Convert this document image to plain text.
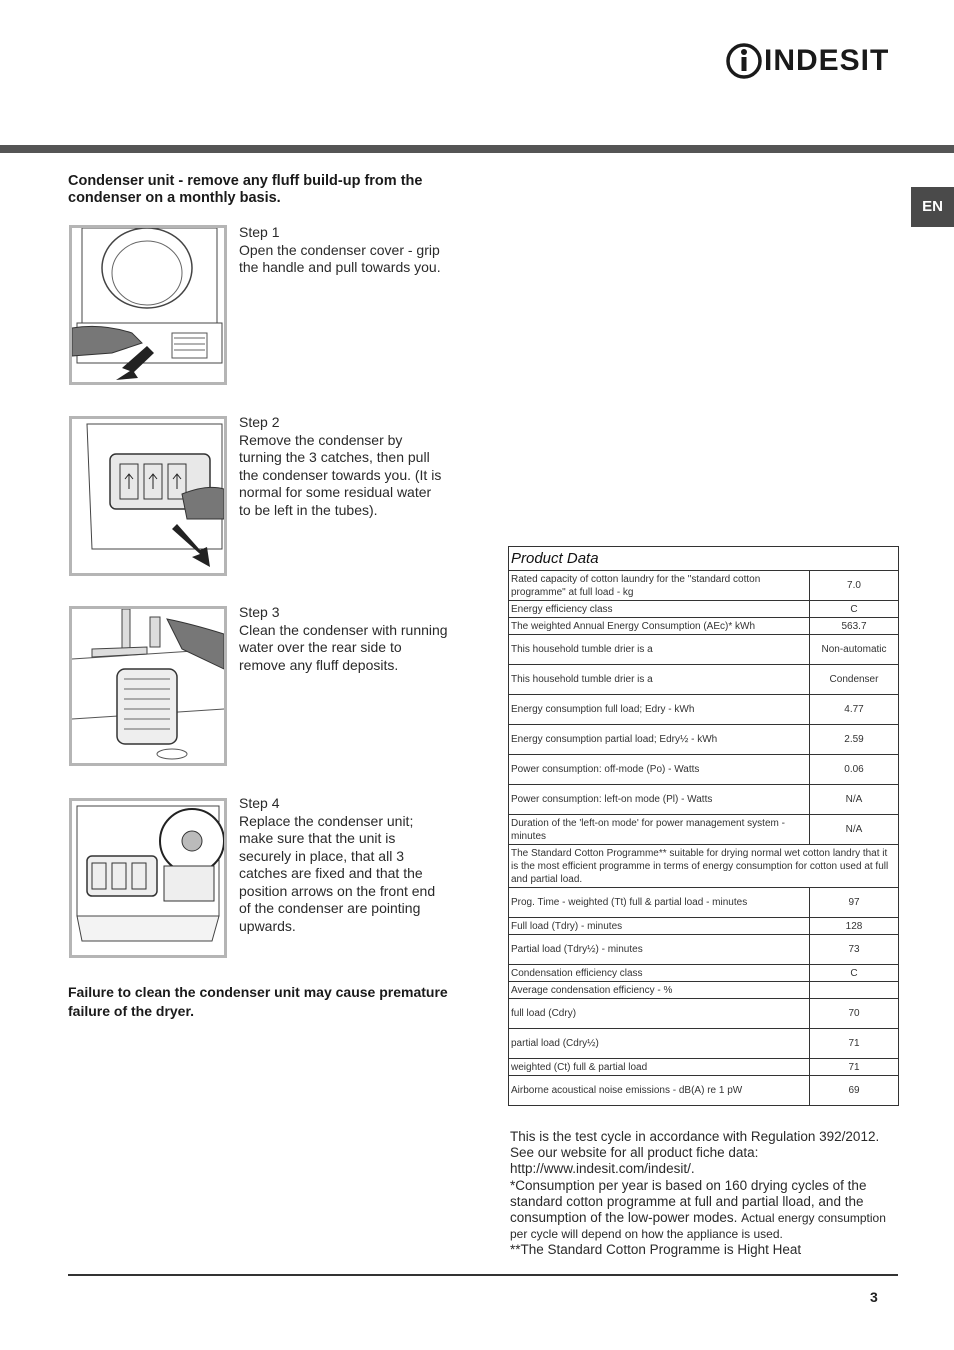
INDESIT
EN
Condenser unit - remove any fluff build-up from the condenser on a monthly basis.
Step 1
Open the condenser cover - grip the handle and pull towards you.
Step 2
Remove the condenser by turning the 3 catches, then pull the condenser towards you. (It is normal for some residual water to be left in the tubes).
Step 3
Clean the condenser with running water over the rear side to remove any fluff deposits.
Step 4
Replace the condenser unit; make sure that the unit is securely in place, that all 3 catches are fixed and that the position arrows on the front end of the condenser are pointing upwards.
Failure to clean the condenser unit may cause premature failure of the dryer.
Product Data	
Rated capacity of cotton laundry for the "standard cotton programme" at full load - kg	7.0
Energy efficiency class	C
The weighted Annual Energy Consumption (AEc)* kWh	563.7
This household tumble drier is a	Non-automatic
This household tumble drier is a	Condenser
Energy consumption full load; Edry - kWh	4.77
Energy consumption partial load; Edry½ - kWh	2.59
Power consumption: off-mode (Po) - Watts	0.06
Power consumption: left-on mode (Pl) - Watts	N/A
Duration of the 'left-on mode' for power management system - minutes	N/A
The Standard Cotton Programme** suitable for drying normal wet cotton landry that it is the most efficient programme in terms of energy consumption for cotton used at full and partial load.	
Prog. Time - weighted (Tt) full & partial load - minutes	97
Full load (Tdry) - minutes	128
Partial load (Tdry½) - minutes	73
Condensation efficiency class	C
Average condensation efficiency - %	
full load (Cdry)	70
partial load (Cdry½)	71
weighted (Ct) full & partial load	71
Airborne acoustical noise emissions - dB(A) re 1 pW	69
This is the test cycle in accordance with Regulation 392/2012. See our website for all product fiche data: http://www.indesit.com/indesit/.
*Consumption per year is based on 160 drying cycles of the standard cotton programme at full and partial lload, and the consumption of the low-power modes. Actual energy consumption per cycle will depend on how the appliance is used.
**The Standard Cotton Programme is Hight Heat
3
